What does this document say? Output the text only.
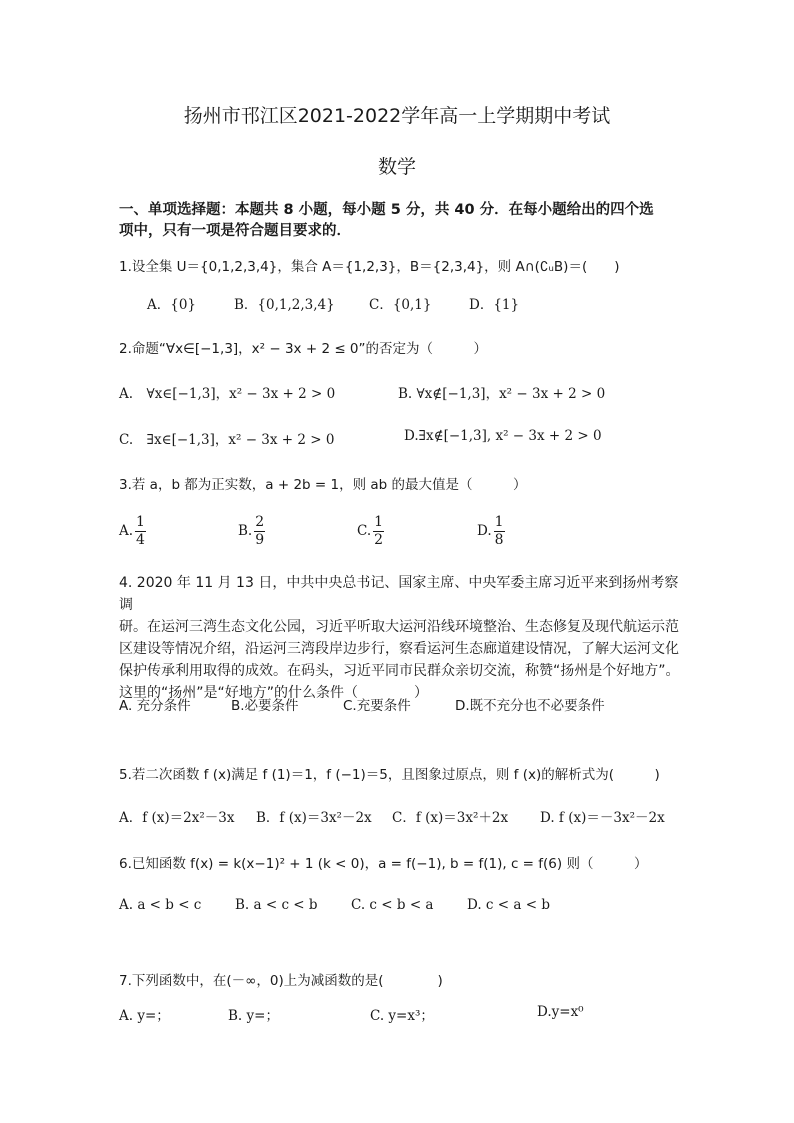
扬州市邗江区2021-2022学年高一上学期期中考试
数学
一、单项选择题：本题共 8 小题，每小题 5 分，共 40 分．在每小题给出的四个选
项中，只有一项是符合题目要求的．
1.设全集 U＝{0,1,2,3,4}，集合 A＝{1,2,3}，B＝{2,3,4}，则 A∩(∁ᵤB)＝(　　)
A．{0}	B．{0,1,2,3,4}	C．{0,1}	D．{1}
2.命题“∀x∈[−1,3]，x² − 3x + 2 ≤ 0”的否定为（　　　）
A.　∀x∈[−1,3]，x² − 3x + 2 > 0	B. ∀x∉[−1,3]，x² − 3x + 2 > 0
C.　∃x∈[−1,3]，x² − 3x + 2 > 0	D.∃x∉[−1,3], x² − 3x + 2 > 0
3.若 a，b 都为正实数，a + 2b = 1，则 ab 的最大值是（　　　）
A. $\frac{1}{4}$	B. $\frac{2}{9}$	C. $\frac{1}{2}$	D. $\frac{1}{8}$
4. 2020 年 11 月 13 日，中共中央总书记、国家主席、中央军委主席习近平来到扬州考察调
研。在运河三湾生态文化公园，习近平听取大运河沿线环境整治、生态修复及现代航运示范
区建设等情况介绍，沿运河三湾段岸边步行，察看运河生态廊道建设情况，了解大运河文化
保护传承利用取得的成效。在码头，习近平同市民群众亲切交流，称赞“扬州是个好地方”。
这里的“扬州”是“好地方”的什么条件（　　　　）
A. 充分条件	B.必要条件	C.充要条件	D.既不充分也不必要条件
5.若二次函数 f (x)满足 f (1)＝1，f (−1)＝5，且图象过原点，则 f (x)的解析式为(　　　)
A．f (x)＝2x²－3x B．f (x)＝3x²－2x C．f (x)＝3x²＋2x D. f (x)＝－3x²－2x
6.已知函数 f(x) = k(x−1)² + 1 (k < 0)，a = f(−1), b = f(1), c = f(6) 则（　　　）
A. a < b < c B. a < c < b C. c < b < a D. c < a < b
7.下列函数中，在(－∞，0)上为减函数的是(　　　　)
A. y=；	B. y=；	C. y=x³；	D.y=x⁰
